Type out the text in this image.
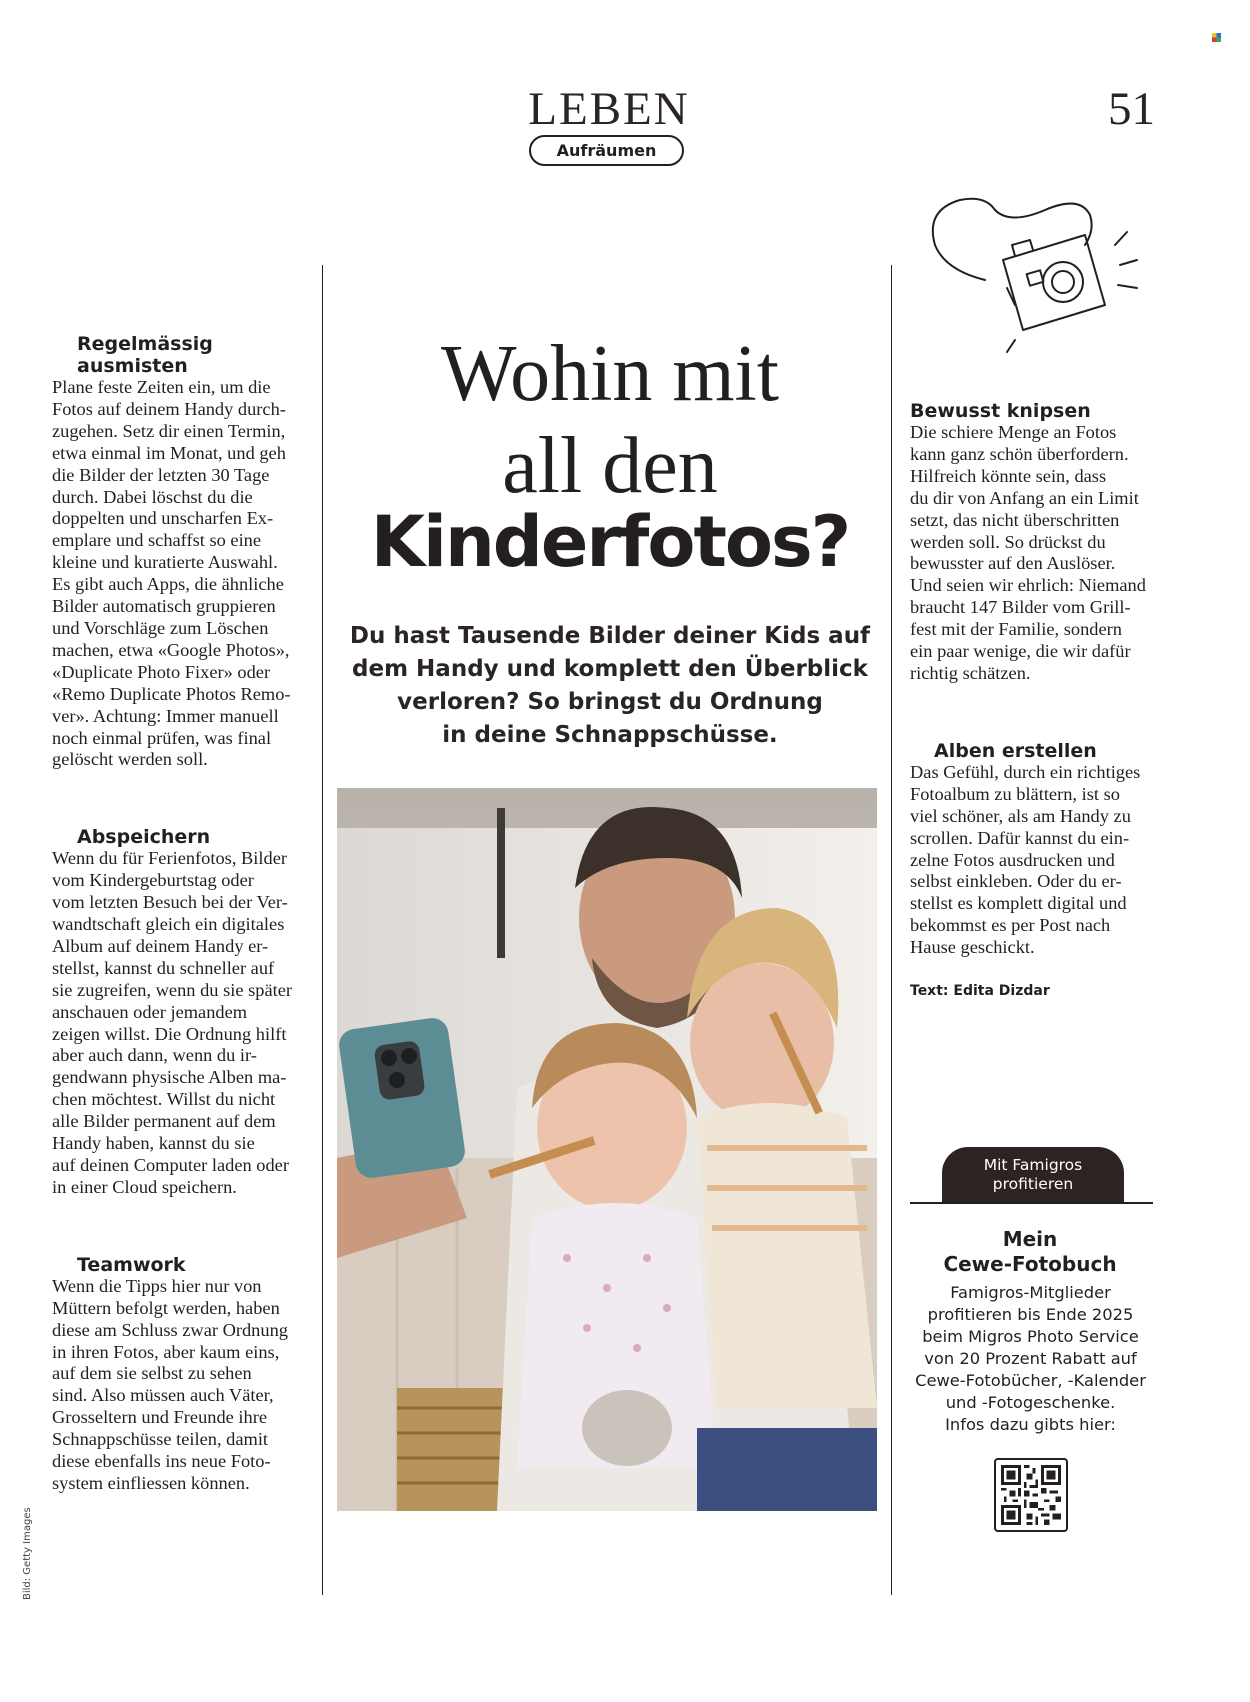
LEBEN
Aufräumen
51
Regelmässig
ausmisten
Plane feste Zeiten ein, um die
Fotos auf deinem Handy durch-
zugehen. Setz dir einen Termin,
etwa einmal im Monat, und geh
die Bilder der letzten 30 Tage
durch. Dabei löschst du die
doppelten und unscharfen Ex-
emplare und schaffst so eine
kleine und kuratierte Auswahl.
Es gibt auch Apps, die ähnliche
Bilder automatisch gruppieren
und Vorschläge zum Löschen
machen, etwa «Google Photos»,
«Duplicate Photo Fixer» oder
«Remo Duplicate Photos Remo-
ver». Achtung: Immer manuell
noch einmal prüfen, was final
gelöscht werden soll.
Abspeichern
Wenn du für Ferienfotos, Bilder
vom Kindergeburtstag oder
vom letzten Besuch bei der Ver-
wandtschaft gleich ein digitales
Album auf deinem Handy er-
stellst, kannst du schneller auf
sie zugreifen, wenn du sie später
anschauen oder jemandem
zeigen willst. Die Ordnung hilft
aber auch dann, wenn du ir-
gendwann physische Alben ma-
chen möchtest. Willst du nicht
alle Bilder permanent auf dem
Handy haben, kannst du sie
auf deinen Computer laden oder
in einer Cloud speichern.
Teamwork
Wenn die Tipps hier nur von
Müttern befolgt werden, haben
diese am Schluss zwar Ordnung
in ihren Fotos, aber kaum eins,
auf dem sie selbst zu sehen
sind. Also müssen auch Väter,
Grosseltern und Freunde ihre
Schnappschüsse teilen, damit
diese ebenfalls ins neue Foto-
system einfliessen können.
Wohin mit
all den
Kinderfotos?
Du hast Tausende Bilder deiner Kids auf
dem Handy und komplett den Überblick
verloren? So bringst du Ordnung
in deine Schnappschüsse.
Bewusst knipsen
Die schiere Menge an Fotos
kann ganz schön überfordern.
Hilfreich könnte sein, dass
du dir von Anfang an ein Limit
setzt, das nicht überschritten
werden soll. So drückst du
bewusster auf den Auslöser.
Und seien wir ehrlich: Niemand
braucht 147 Bilder vom Grill-
fest mit der Familie, sondern
ein paar wenige, die wir dafür
richtig schätzen.
Alben erstellen
Das Gefühl, durch ein richtiges
Fotoalbum zu blättern, ist so
viel schöner, als am Handy zu
scrollen. Dafür kannst du ein-
zelne Fotos ausdrucken und
selbst einkleben. Oder du er-
stellst es komplett digital und
bekommst es per Post nach
Hause geschickt.
Text: Edita Dizdar
Mit Famigros
profitieren
Mein
Cewe-Fotobuch
Famigros-Mitglieder
profitieren bis Ende 2025
beim Migros Photo Service
von 20 Prozent Rabatt auf
Cewe-Fotobücher, -Kalender
und -Fotogeschenke.
Infos dazu gibts hier:
Bild: Getty Images
